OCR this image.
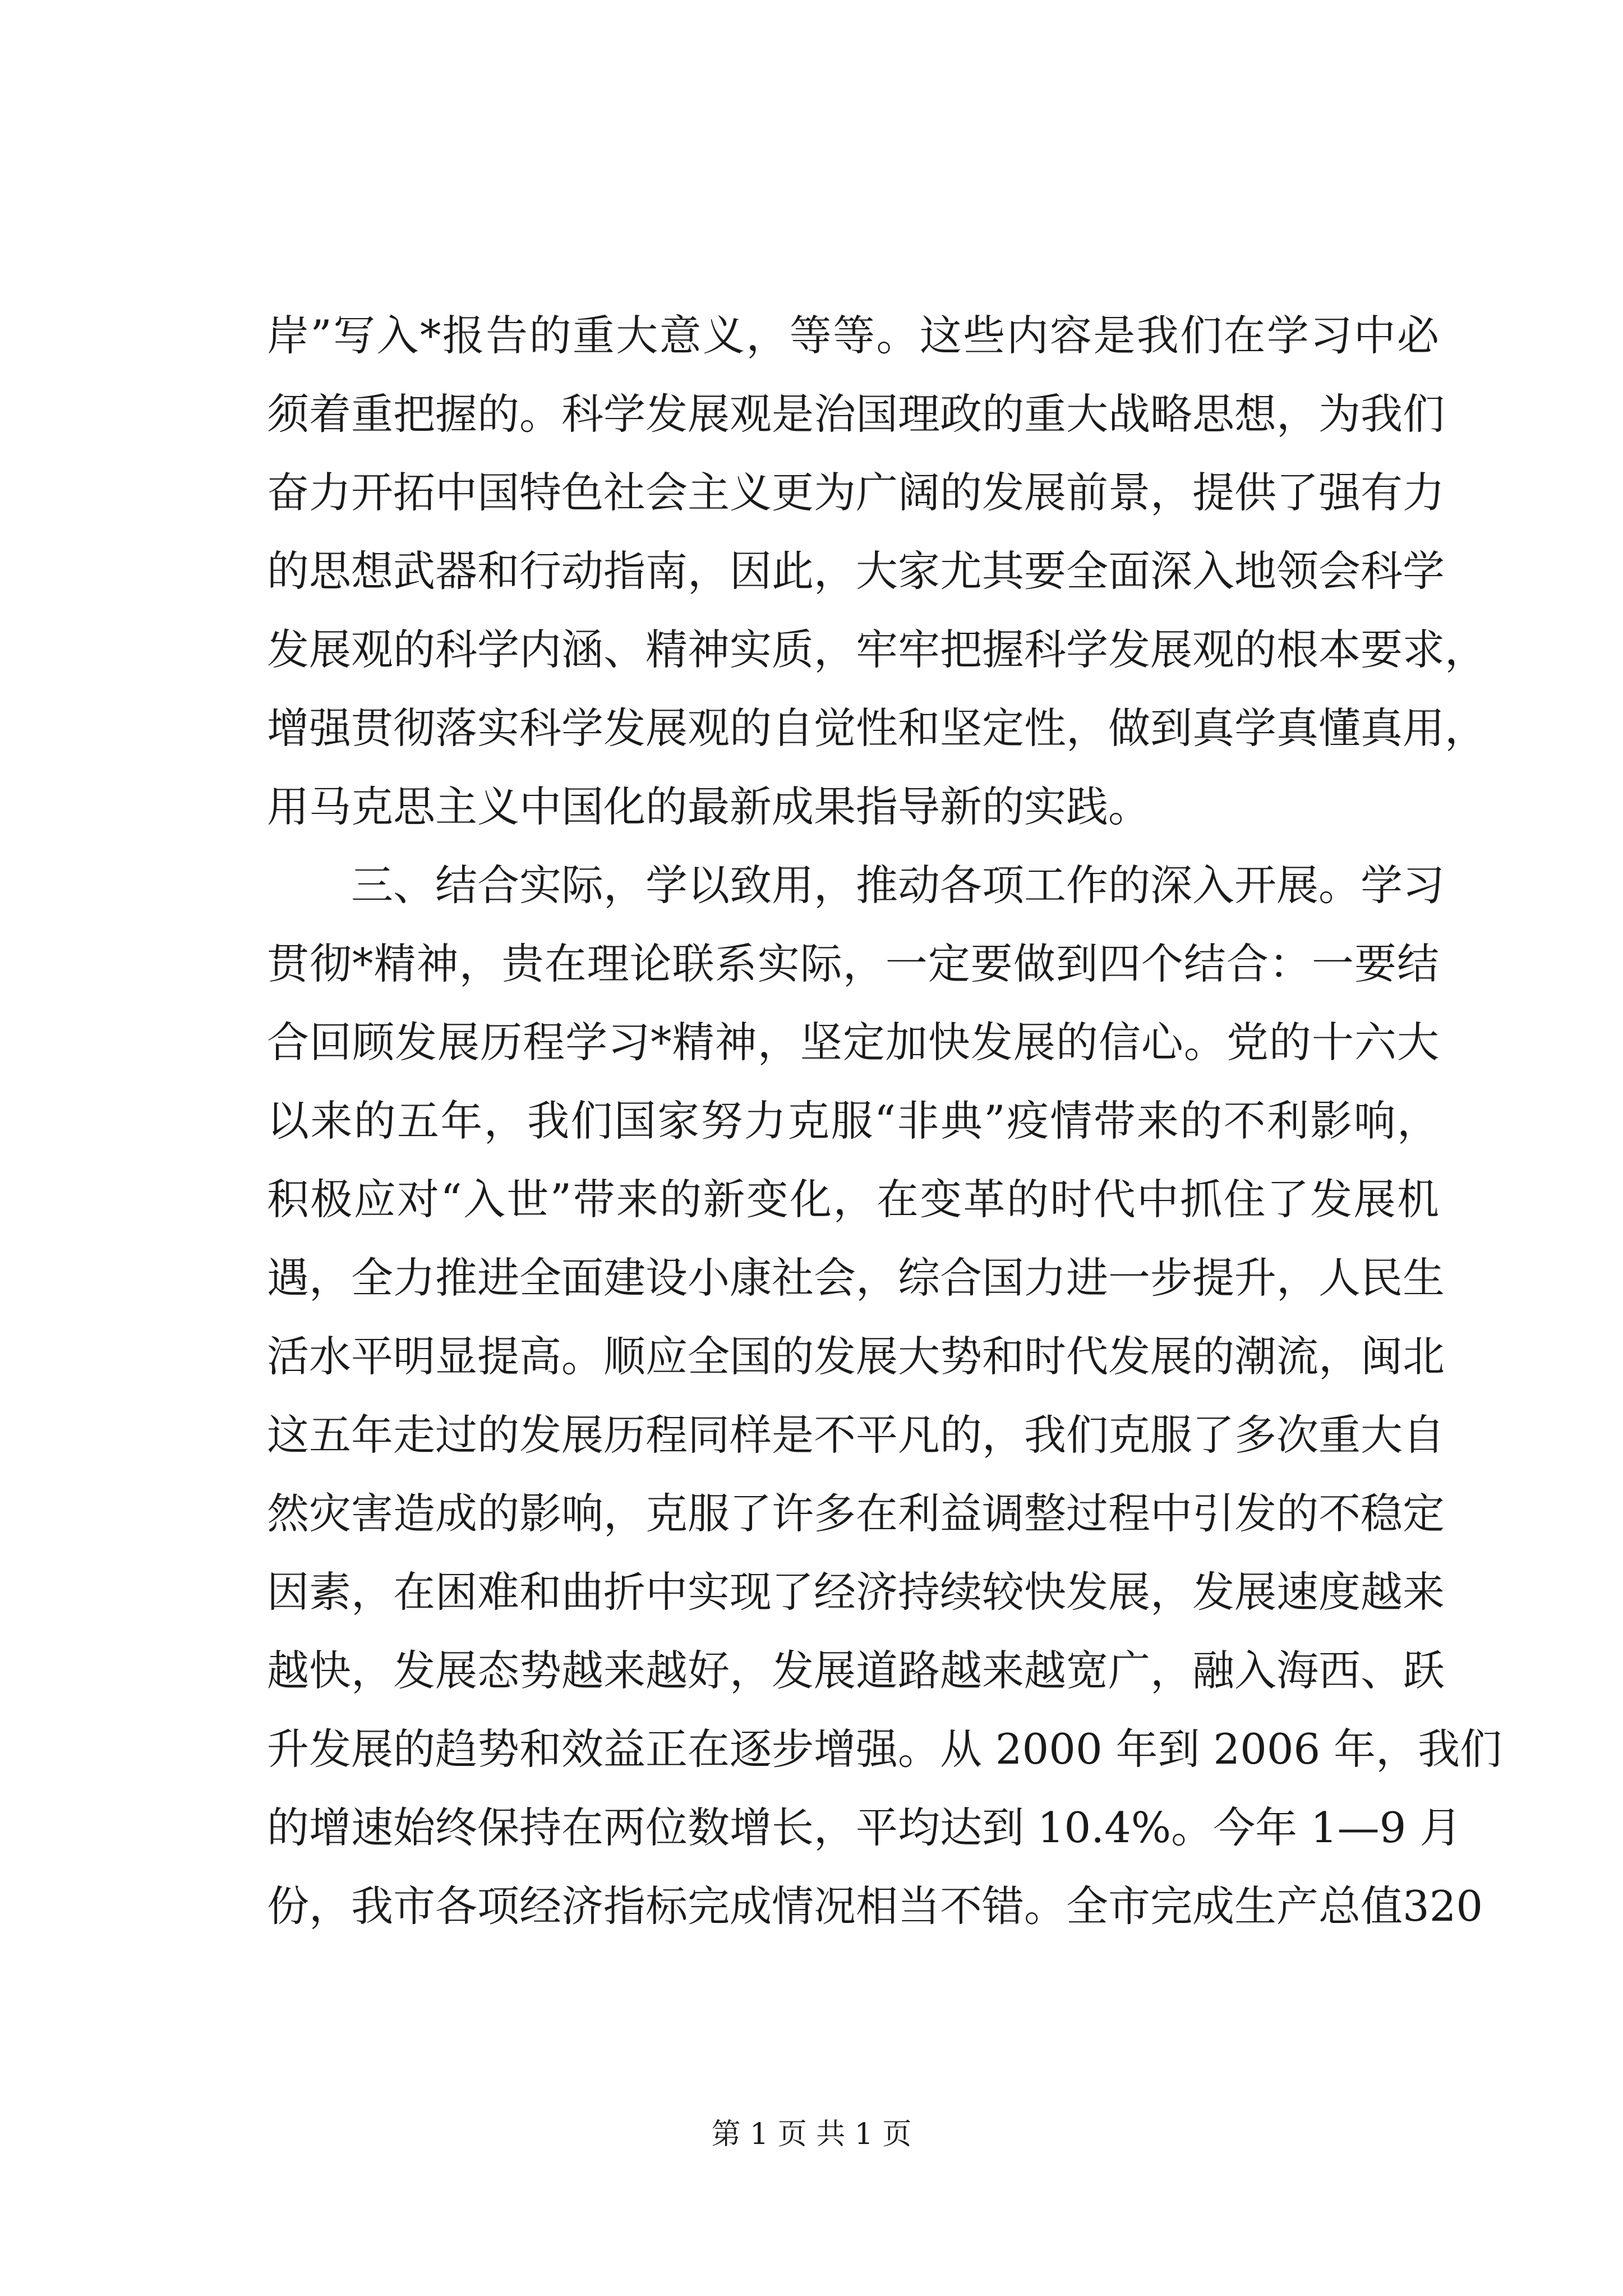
岸”写入*报告的重大意义，等等。这些内容是我们在学习中必
须着重把握的。科学发展观是治国理政的重大战略思想，为我们
奋力开拓中国特色社会主义更为广阔的发展前景，提供了强有力
的思想武器和行动指南，因此，大家尤其要全面深入地领会科学
发展观的科学内涵、精神实质，牢牢把握科学发展观的根本要求，
增强贯彻落实科学发展观的自觉性和坚定性，做到真学真懂真用，
用马克思主义中国化的最新成果指导新的实践。
三、结合实际，学以致用，推动各项工作的深入开展。学习
贯彻*精神，贵在理论联系实际，一定要做到四个结合：一要结
合回顾发展历程学习*精神，坚定加快发展的信心。党的十六大
以来的五年，我们国家努力克服“非典”疫情带来的不利影响，
积极应对“入世”带来的新变化，在变革的时代中抓住了发展机
遇，全力推进全面建设小康社会，综合国力进一步提升，人民生
活水平明显提高。顺应全国的发展大势和时代发展的潮流，闽北
这五年走过的发展历程同样是不平凡的，我们克服了多次重大自
然灾害造成的影响，克服了许多在利益调整过程中引发的不稳定
因素，在困难和曲折中实现了经济持续较快发展，发展速度越来
越快，发展态势越来越好，发展道路越来越宽广，融入海西、跃
升发展的趋势和效益正在逐步增强。从 2000 年到 2006 年，我们
的增速始终保持在两位数增长，平均达到 10.4%。今年 1—9 月
份，我市各项经济指标完成情况相当不错。全市完成生产总值320
第 1 页 共 1 页
